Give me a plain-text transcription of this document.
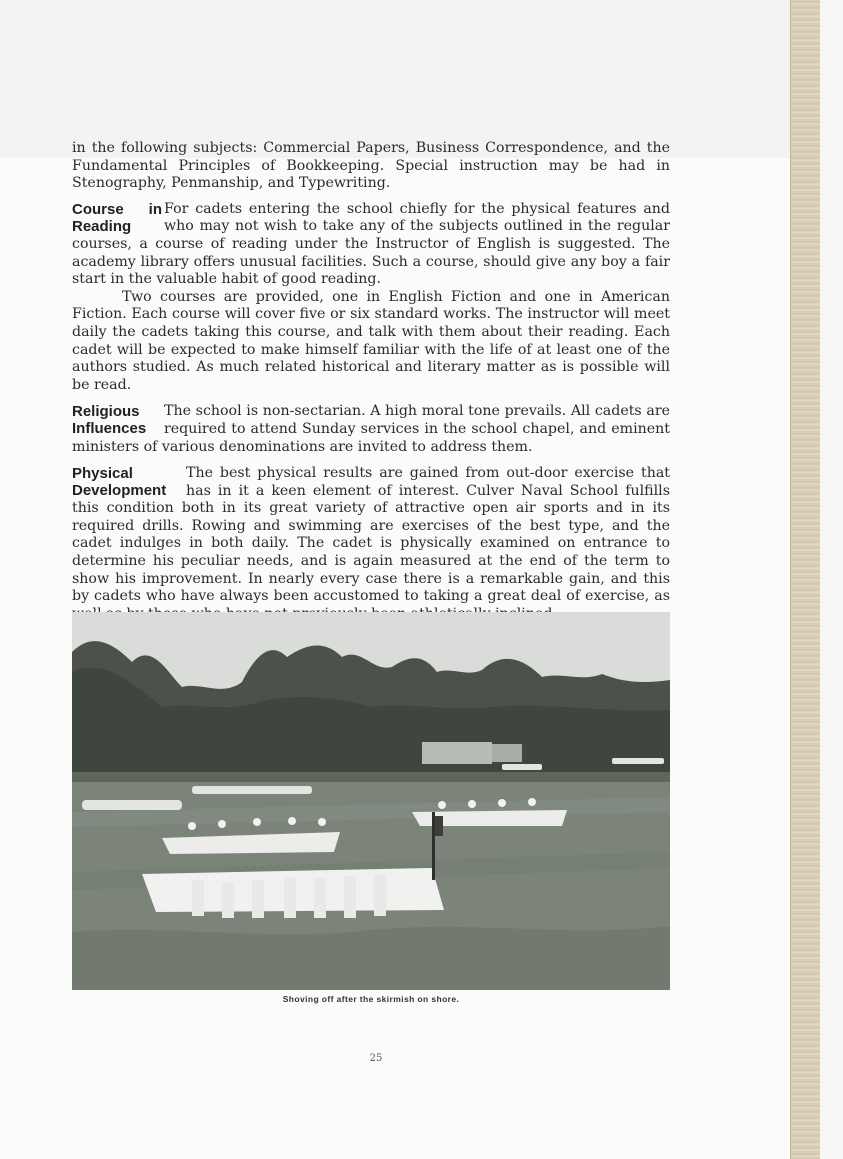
in the following subjects: Commercial Papers, Business Correspondence, and the Fundamental Principles of Bookkeeping. Special instruction may be had in Stenography, Penmanship, and Typewriting.

Course in Reading

For cadets entering the school chiefly for the physical features and who may not wish to take any of the subjects outlined in the regular courses, a course of reading under the Instructor of English is suggested. The academy library offers unusual facilities. Such a course, should give any boy a fair start in the valuable habit of good reading.

Two courses are provided, one in English Fiction and one in American Fiction. Each course will cover five or six standard works. The instructor will meet daily the cadets taking this course, and talk with them about their reading. Each cadet will be expected to make himself familiar with the life of at least one of the authors studied. As much related historical and literary matter as is possible will be read.

Religious Influences

The school is non-sectarian. A high moral tone prevails. All cadets are required to attend Sunday services in the school chapel, and eminent ministers of various denominations are invited to address them.

Physical Development

The best physical results are gained from out-door exercise that has in it a keen element of interest. Culver Naval School fulfills this condition both in its great variety of attractive open air sports and in its required drills. Rowing and swimming are exercises of the best type, and the cadet indulges in both daily. The cadet is physically examined on entrance to determine his peculiar needs, and is again measured at the end of the term to show his improvement. In nearly every case there is a remarkable gain, and this by cadets who have always been accustomed to taking a great deal of exercise, as

Shoving off after the skirmish on shore.
25
